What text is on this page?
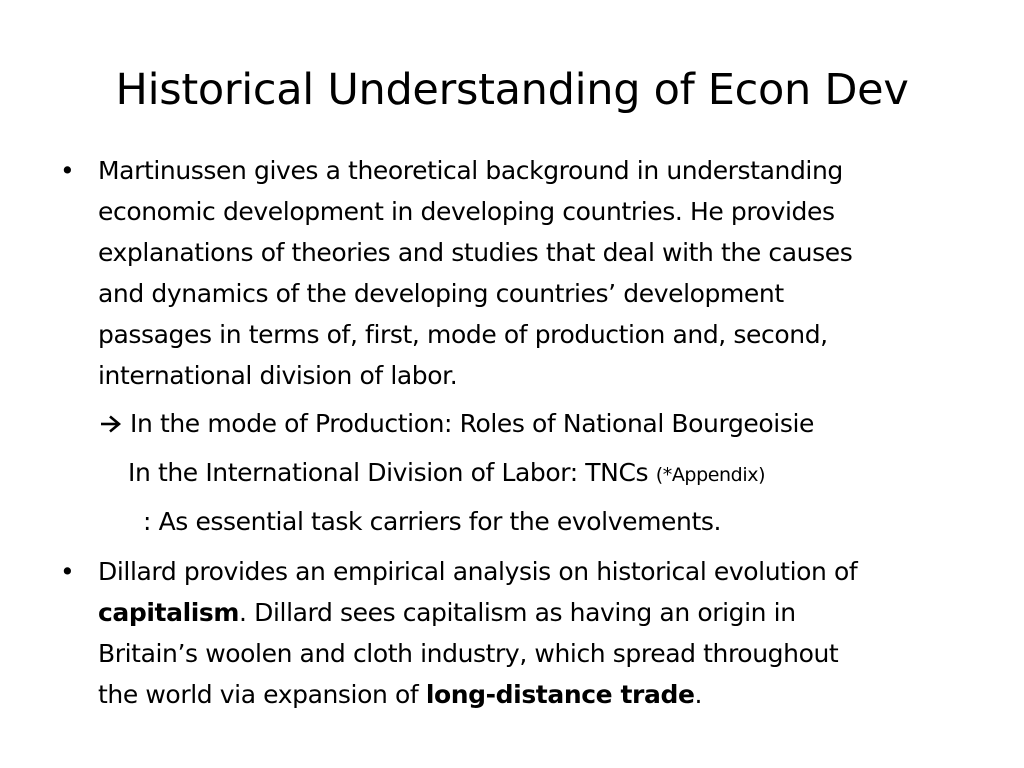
Historical Understanding of Econ Dev
• Martinussen gives a theoretical background in understanding
economic development in developing countries. He provides
explanations of theories and studies that deal with the causes
and dynamics of the developing countries’ development
passages in terms of, first, mode of production and, second,
international division of labor.
In the mode of Production: Roles of National Bourgeoisie
In the International Division of Labor: TNCs (*Appendix)
: As essential task carriers for the evolvements.
• Dillard provides an empirical analysis on historical evolution of
capitalism. Dillard sees capitalism as having an origin in
Britain’s woolen and cloth industry, which spread throughout
the world via expansion of long-distance trade.
